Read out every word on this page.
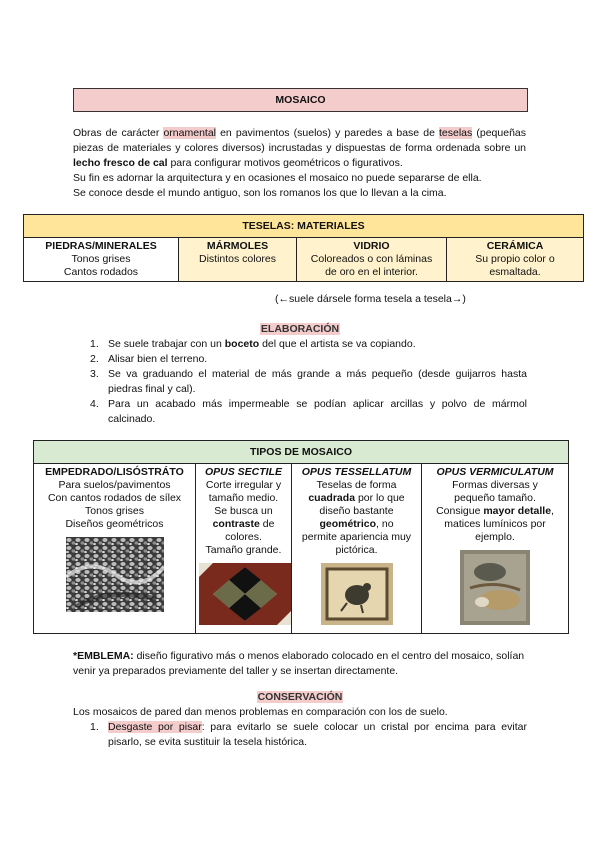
MOSAICO

Obras de carácter ornamental en pavimentos (suelos) y paredes a base de teselas (pequeñas piezas de materiales y colores diversos) incrustadas y dispuestas de forma ordenada sobre un lecho fresco de cal para configurar motivos geométricos o figurativos.

Su fin es adornar la arquitectura y en ocasiones el mosaico no puede separarse de ella.

Se conoce desde el mundo antiguo, son los romanos los que lo llevan a la cima.

TESELAS: MATERIALES

PIEDRAS/MINERALES
Tonos grises
Cantos rodados

MÁRMOLES
Distintos colores

VIDRIO
Coloreados o con láminas
de oro en el interior.

CERÁMICA
Su propio color o
esmaltada.
(←suele dársele forma tesela a tesela→)
ELABORACIÓN
1. Se suele trabajar con un boceto del que el artista se va copiando.
2. Alisar bien el terreno.
3. Se va graduando el material de más grande a más pequeño (desde guijarros hasta piedras final y cal).
4. Para un acabado más impermeable se podían aplicar arcillas y polvo de mármol calcinado.
TIPOS DE MOSAICO

EMPEDRADO/LISÓSTRÁTO
Para suelos/pavimentos
Con cantos rodados de sílex
Tonos grises
Diseños geométricos

OPUS SECTILE
Corte irregular y
tamaño medio.
Se busca un
contraste de
colores.
Tamaño grande.

OPUS TESSELLATUM
Teselas de forma
cuadrada por lo que
diseño bastante
geométrico, no
permite apariencia muy
pictórica.

OPUS VERMICULATUM
Formas diversas y
pequeño tamaño.
Consigue mayor detalle,
matices lumínicos por
ejemplo.
*EMBLEMA: diseño figurativo más o menos elaborado colocado en el centro del mosaico, solían venir ya preparados previamente del taller y se insertan directamente.
CONSERVACIÓN
Los mosaicos de pared dan menos problemas en comparación con los de suelo.
1. Desgaste por pisar: para evitarlo se suele colocar un cristal por encima para evitar pisarlo, se evita sustituir la tesela histórica.
